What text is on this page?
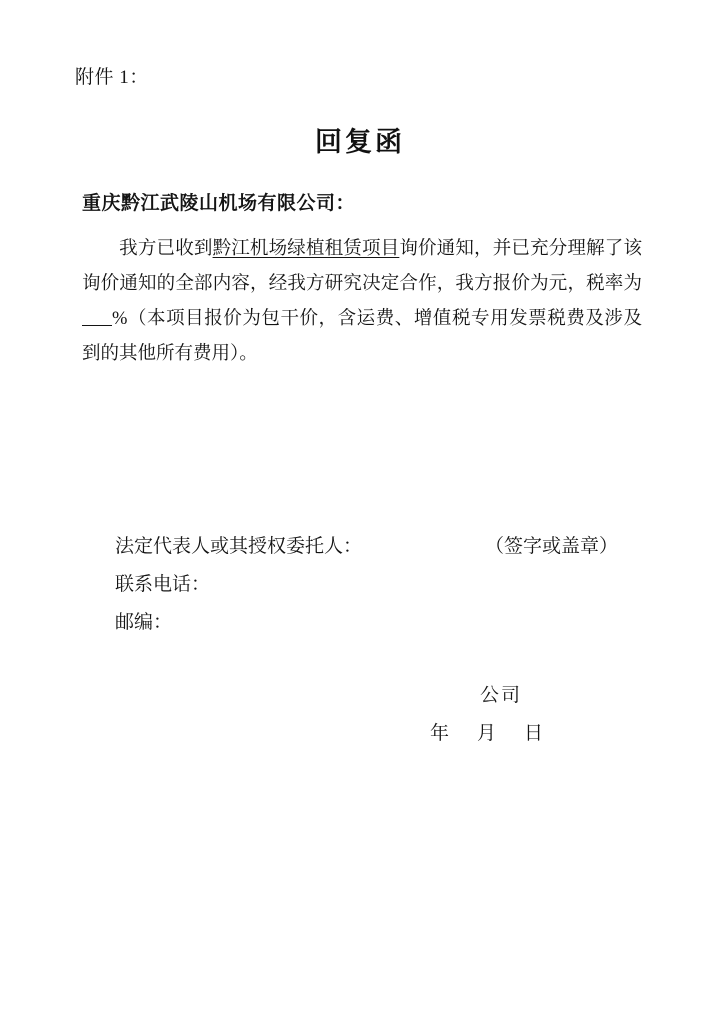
附件 1：
回复函
重庆黔江武陵山机场有限公司：

我方已收到黔江机场绿植租赁项目询价通知，并已充分理解了该询价通知的全部内容，经我方研究决定合作，我方报价为元，税率为%（本项目报价为包干价，含运费、增值税专用发票税费及涉及到的其他所有费用）。

法定代表人或其授权委托人：	（签字或盖章）
联系电话：
邮编：
公司
年 月 日
